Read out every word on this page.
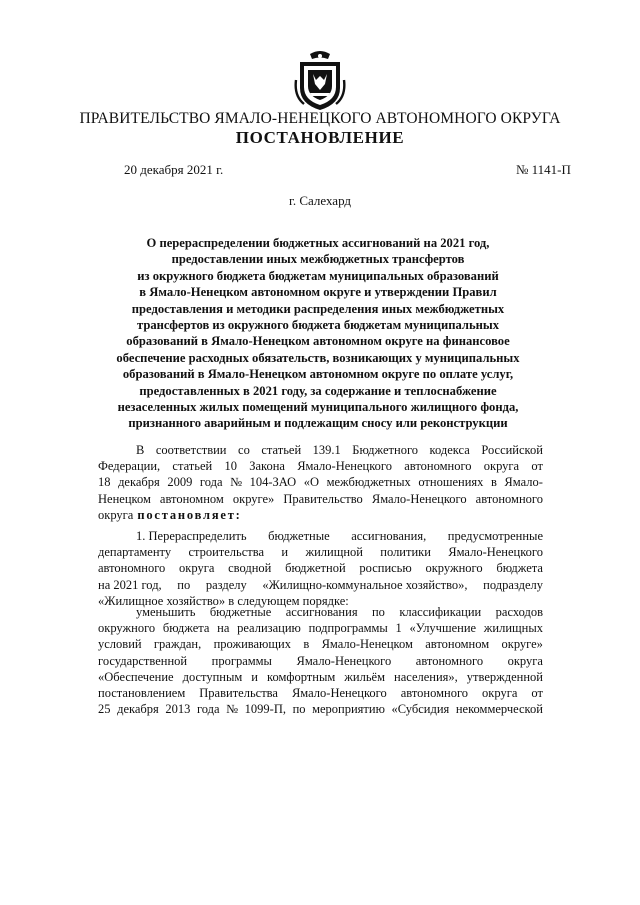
ПРАВИТЕЛЬСТВО ЯМАЛО-НЕНЕЦКОГО АВТОНОМНОГО ОКРУГА
ПОСТАНОВЛЕНИЕ
20 декабря 2021 г.	№ 1141-П
г. Салехард
О перераспределении бюджетных ассигнований на 2021 год,
предоставлении иных межбюджетных трансфертов
из окружного бюджета бюджетам муниципальных образований
в Ямало-Ненецком автономном округе и утверждении Правил
предоставления и методики распределения иных межбюджетных
трансфертов из окружного бюджета бюджетам муниципальных
образований в Ямало-Ненецком автономном округе на финансовое
обеспечение расходных обязательств, возникающих у муниципальных
образований в Ямало-Ненецком автономном округе по оплате услуг,
предоставленных в 2021 году, за содержание и теплоснабжение
незаселенных жилых помещений муниципального жилищного фонда,
признанного аварийным и подлежащим сносу или реконструкции
В соответствии со статьей 139.1 Бюджетного кодекса Российской
Федерации, статьей 10 Закона Ямало-Ненецкого автономного округа от
18 декабря 2009 года № 104-ЗАО «О межбюджетных отношениях в Ямало-
Ненецком автономном округе» Правительство Ямало-Ненецкого автономного
округа постановляет:
1. Перераспределить бюджетные ассигнования, предусмотренные
департаменту строительства и жилищной политики Ямало-Ненецкого
автономного округа сводной бюджетной росписью окружного бюджета
на 2021 год, по разделу «Жилищно-коммунальное хозяйство», подразделу
«Жилищное хозяйство» в следующем порядке:
уменьшить бюджетные ассигнования по классификации расходов
окружного бюджета на реализацию подпрограммы 1 «Улучшение жилищных
условий граждан, проживающих в Ямало-Ненецком автономном округе»
государственной программы Ямало-Ненецкого автономного округа
«Обеспечение доступным и комфортным жильём населения», утвержденной
постановлением Правительства Ямало-Ненецкого автономного округа от
25 декабря 2013 года № 1099-П, по мероприятию «Субсидия некоммерческой
